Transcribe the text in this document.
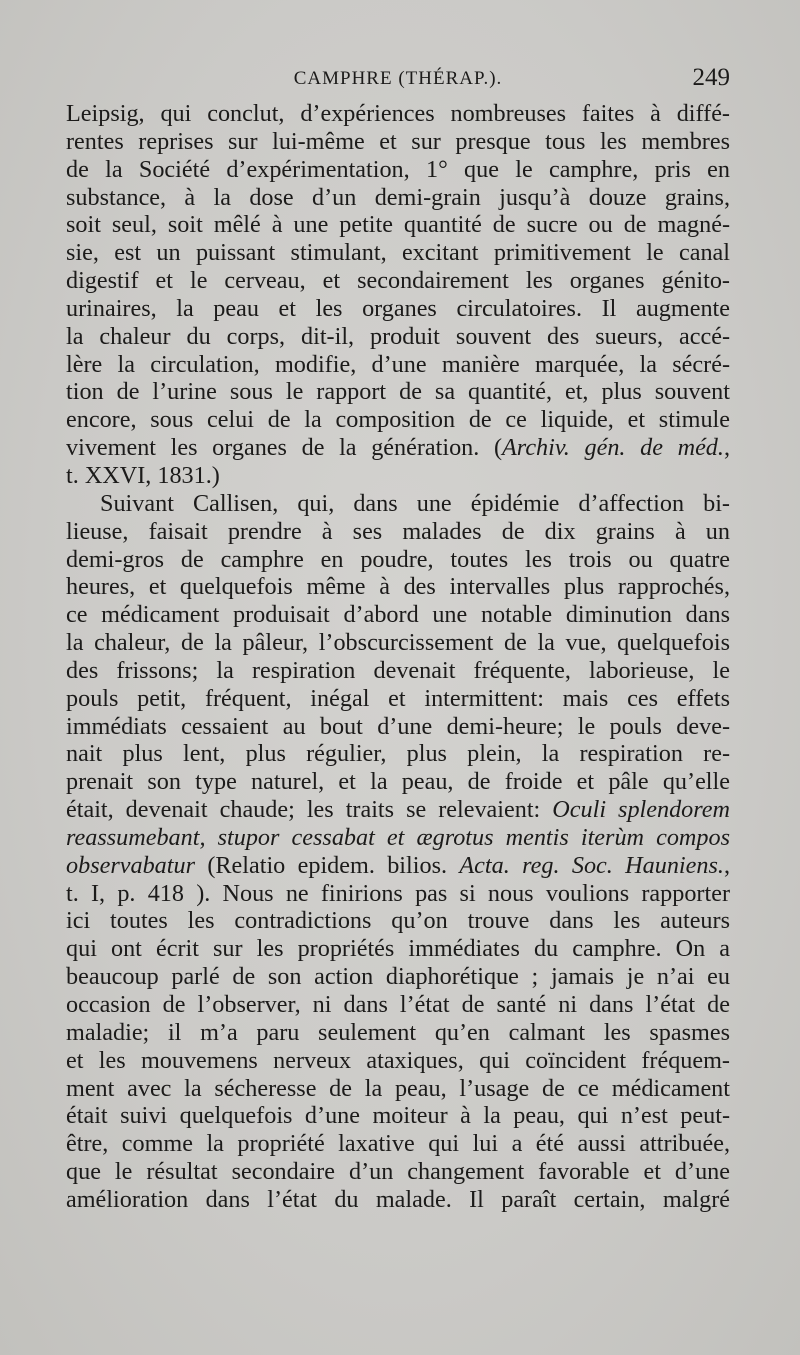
CAMPHRE (THÉRAP.).	249
Leipsig, qui conclut, d’expériences nombreuses faites à diffé-
rentes reprises sur lui-même et sur presque tous les membres
de la Société d’expérimentation, 1° que le camphre, pris en
substance, à la dose d’un demi-grain jusqu’à douze grains,
soit seul, soit mêlé à une petite quantité de sucre ou de magné-
sie, est un puissant stimulant, excitant primitivement le canal
digestif et le cerveau, et secondairement les organes génito-
urinaires, la peau et les organes circulatoires. Il augmente
la chaleur du corps, dit-il, produit souvent des sueurs, accé-
lère la circulation, modifie, d’une manière marquée, la sécré-
tion de l’urine sous le rapport de sa quantité, et, plus souvent
encore, sous celui de la composition de ce liquide, et stimule
vivement les organes de la génération. (Archiv. gén. de méd.,
t. XXVI, 1831.)
Suivant Callisen, qui, dans une épidémie d’affection bi-
lieuse, faisait prendre à ses malades de dix grains à un
demi-gros de camphre en poudre, toutes les trois ou quatre
heures, et quelquefois même à des intervalles plus rapprochés,
ce médicament produisait d’abord une notable diminution dans
la chaleur, de la pâleur, l’obscurcissement de la vue, quelquefois
des frissons; la respiration devenait fréquente, laborieuse, le
pouls petit, fréquent, inégal et intermittent: mais ces effets
immédiats cessaient au bout d’une demi-heure; le pouls deve-
nait plus lent, plus régulier, plus plein, la respiration re-
prenait son type naturel, et la peau, de froide et pâle qu’elle
était, devenait chaude; les traits se relevaient: Oculi splendorem
reassumebant, stupor cessabat et ægrotus mentis iterùm compos
observabatur (Relatio epidem. bilios. Acta. reg. Soc. Hauniens.,
t. I, p. 418 ). Nous ne finirions pas si nous voulions rapporter
ici toutes les contradictions qu’on trouve dans les auteurs
qui ont écrit sur les propriétés immédiates du camphre. On a
beaucoup parlé de son action diaphorétique ; jamais je n’ai eu
occasion de l’observer, ni dans l’état de santé ni dans l’état de
maladie; il m’a paru seulement qu’en calmant les spasmes
et les mouvemens nerveux ataxiques, qui coïncident fréquem-
ment avec la sécheresse de la peau, l’usage de ce médicament
était suivi quelquefois d’une moiteur à la peau, qui n’est peut-
être, comme la propriété laxative qui lui a été aussi attribuée,
que le résultat secondaire d’un changement favorable et d’une
amélioration dans l’état du malade. Il paraît certain, malgré
